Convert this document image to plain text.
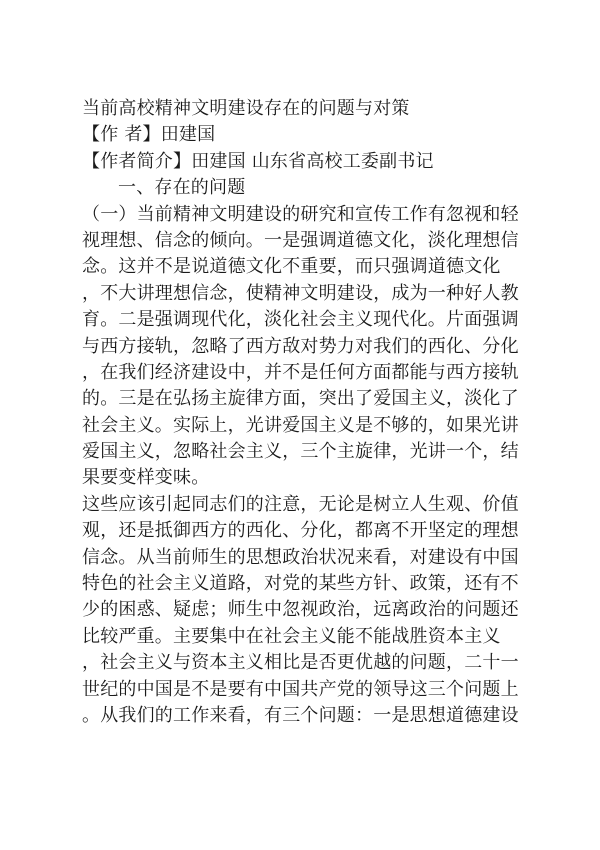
当前高校精神文明建设存在的问题与对策
【作 者】田建国
【作者简介】田建国 山东省高校工委副书记
一、存在的问题
（一）当前精神文明建设的研究和宣传工作有忽视和轻
视理想、信念的倾向。一是强调道德文化，淡化理想信
念。这并不是说道德文化不重要，而只强调道德文化
，不大讲理想信念，使精神文明建设，成为一种好人教
育。二是强调现代化，淡化社会主义现代化。片面强调
与西方接轨，忽略了西方敌对势力对我们的西化、分化
，在我们经济建设中，并不是任何方面都能与西方接轨
的。三是在弘扬主旋律方面，突出了爱国主义，淡化了
社会主义。实际上，光讲爱国主义是不够的，如果光讲
爱国主义，忽略社会主义，三个主旋律，光讲一个，结
果要变样变味。
这些应该引起同志们的注意，无论是树立人生观、价值
观，还是抵御西方的西化、分化，都离不开坚定的理想
信念。从当前师生的思想政治状况来看，对建设有中国
特色的社会主义道路，对党的某些方针、政策，还有不
少的困惑、疑虑；师生中忽视政治，远离政治的问题还
比较严重。主要集中在社会主义能不能战胜资本主义
，社会主义与资本主义相比是否更优越的问题，二十一
世纪的中国是不是要有中国共产党的领导这三个问题上
。从我们的工作来看，有三个问题：一是思想道德建设
